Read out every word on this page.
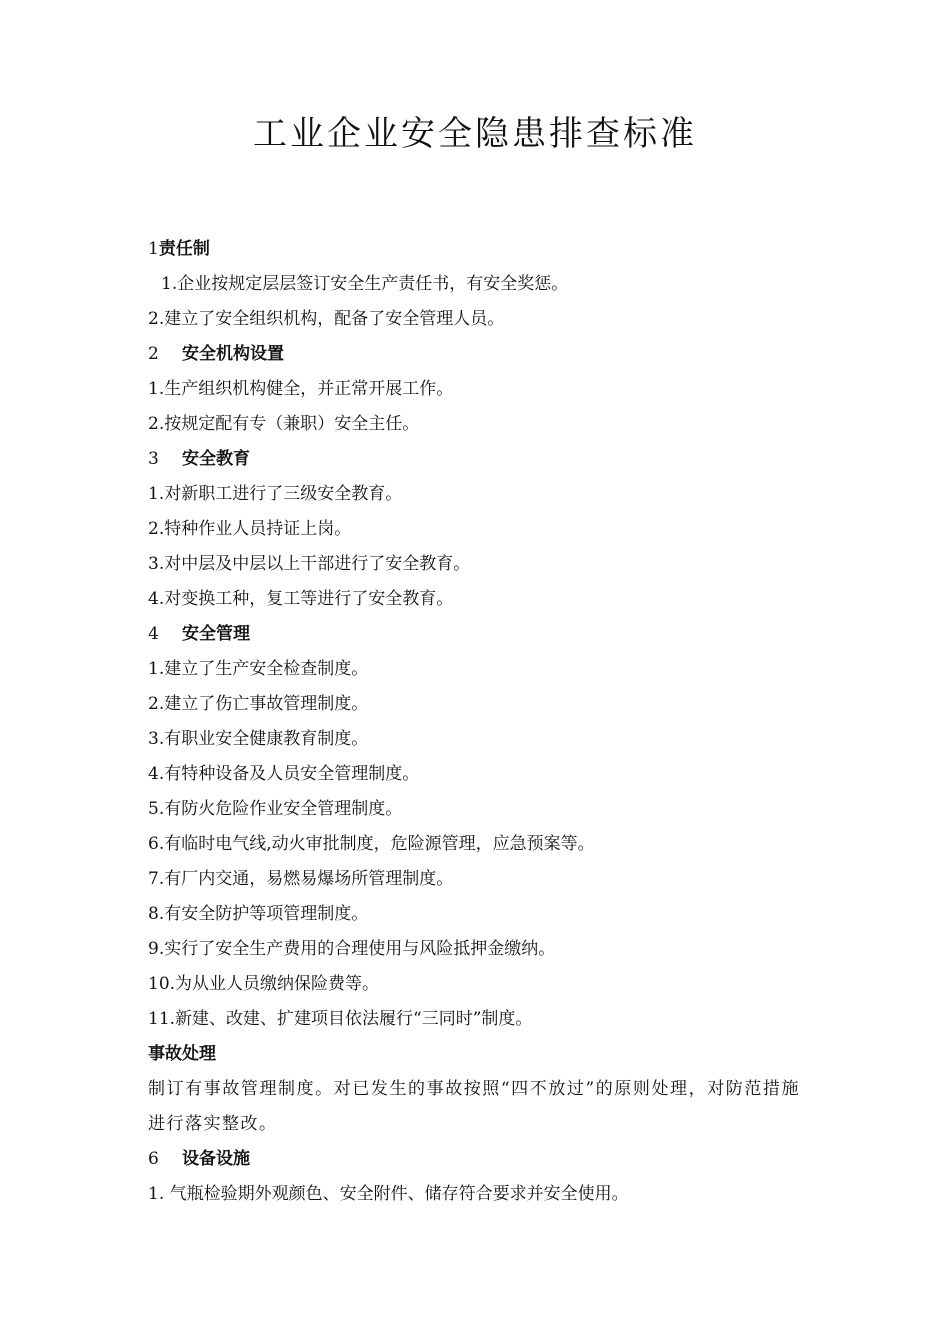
工业企业安全隐患排查标准
1责任制
1.企业按规定层层签订安全生产责任书，有安全奖惩。
2.建立了安全组织机构，配备了安全管理人员。
2 安全机构设置
1.生产组织机构健全，并正常开展工作。
2.按规定配有专（兼职）安全主任。
3 安全教育
1.对新职工进行了三级安全教育。
2.特种作业人员持证上岗。
3.对中层及中层以上干部进行了安全教育。
4.对变换工种，复工等进行了安全教育。
4 安全管理
1.建立了生产安全检查制度。
2.建立了伤亡事故管理制度。
3.有职业安全健康教育制度。
4.有特种设备及人员安全管理制度。
5.有防火危险作业安全管理制度。
6.有临时电气线,动火审批制度，危险源管理，应急预案等。
7.有厂内交通，易燃易爆场所管理制度。
8.有安全防护等项管理制度。
9.实行了安全生产费用的合理使用与风险抵押金缴纳。
10.为从业人员缴纳保险费等。
11.新建、改建、扩建项目依法履行“三同时”制度。
事故处理
制订有事故管理制度。对已发生的事故按照“四不放过”的原则处理，对防范措施进行落实整改。
6 设备设施
1. 气瓶检验期外观颜色、安全附件、储存符合要求并安全使用。
